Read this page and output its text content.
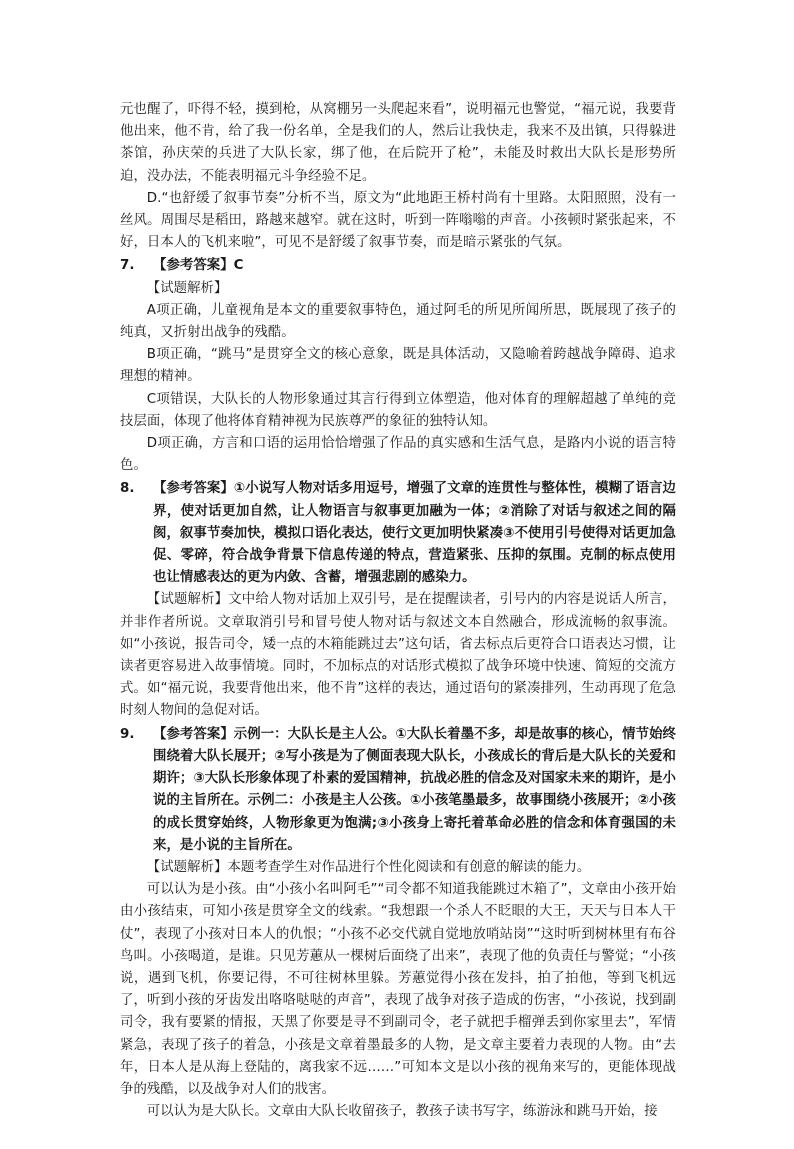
元也醒了，吓得不轻，摸到枪，从窝棚另一头爬起来看”，说明福元也警觉，“福元说，我要背他出来，他不肯，给了我一份名单，全是我们的人，然后让我快走，我来不及出镇，只得躲进茶馆，孙庆荣的兵进了大队长家，绑了他，在后院开了枪”，未能及时救出大队长是形势所迫，没办法，不能表明福元斗争经验不足。

D.“也舒缓了叙事节奏”分析不当，原文为“此地距王桥村尚有十里路。太阳照照，没有一丝风。周围尽是稻田，路越来越窄。就在这时，听到一阵嗡嗡的声音。小孩顿时紧张起来，不好，日本人的飞机来啦”，可见不是舒缓了叙事节奏，而是暗示紧张的气氛。

7. 【参考答案】C

【试题解析】

A项正确，儿童视角是本文的重要叙事特色，通过阿毛的所见所闻所思，既展现了孩子的纯真，又折射出战争的残酷。

B项正确，“跳马”是贯穿全文的核心意象，既是具体活动，又隐喻着跨越战争障碍、追求理想的精神。

C项错误，大队长的人物形象通过其言行得到立体塑造，他对体育的理解超越了单纯的竞技层面，体现了他将体育精神视为民族尊严的象征的独特认知。

D项正确，方言和口语的运用恰恰增强了作品的真实感和生活气息，是路内小说的语言特色。

8.	【参考答案】①小说写人物对话多用逗号，增强了文章的连贯性与整体性，模糊了语言边界，使对话更加自然，让人物语言与叙事更加融为一体；②消除了对话与叙述之间的隔阂，叙事节奏加快，模拟口语化表达，使行文更加明快紧凑③不使用引号使得对话更加急促、零碎，符合战争背景下信息传递的特点，营造紧张、压抑的氛围。克制的标点使用也让情感表达的更为内敛、含蓄，增强悲剧的感染力。

【试题解析】文中给人物对话加上双引号，是在提醒读者，引号内的内容是说话人所言，并非作者所说。文章取消引号和冒号使人物对话与叙述文本自然融合，形成流畅的叙事流。如“小孩说，报告司令，矮一点的木箱能跳过去”这句话，省去标点后更符合口语表达习惯，让读者更容易进入故事情境。同时，不加标点的对话形式模拟了战争环境中快速、简短的交流方式。如“福元说，我要背他出来，他不肯”这样的表达，通过语句的紧凑排列，生动再现了危急时刻人物间的急促对话。

9.	【参考答案】示例一：大队长是主人公。①大队长着墨不多，却是故事的核心，情节始终围绕着大队长展开；②写小孩是为了侧面表现大队长，小孩成长的背后是大队长的关爱和期许；③大队长形象体现了朴素的爱国精神，抗战必胜的信念及对国家未来的期许，是小说的主旨所在。示例二：小孩是主人公孩。①小孩笔墨最多，故事围绕小孩展开；②小孩的成长贯穿始终，人物形象更为饱满;③小孩身上寄托着革命必胜的信念和体育强国的未来，是小说的主旨所在。

【试题解析】本题考查学生对作品进行个性化阅读和有创意的解读的能力。

可以认为是小孩。由“小孩小名叫阿毛”“司令都不知道我能跳过木箱了”，文章由小孩开始由小孩结束，可知小孩是贯穿全文的线索。“我想跟一个杀人不眨眼的大王，天天与日本人干仗”，表现了小孩对日本人的仇恨；“小孩不必交代就自觉地放哨站岗”“这时听到树林里有布谷鸟叫。小孩喝道，是谁。只见芳蕙从一棵树后面绕了出来”，表现了他的负责任与警觉；“小孩说，遇到飞机，你要记得，不可往树林里躲。芳蕙觉得小孩在发抖，拍了拍他，等到飞机远了，听到小孩的牙齿发出咯咯哒哒的声音”，表现了战争对孩子造成的伤害，“小孩说，找到副司令，我有要紧的情报，天黑了你要是寻不到副司令，老子就把手榴弹丢到你家里去”，军情紧急，表现了孩子的着急，小孩是文章着墨最多的人物，是文章主要着力表现的人物。由“去年，日本人是从海上登陆的，离我家不远……”可知本文是以小孩的视角来写的，更能体现战争的残酷，以及战争对人们的戕害。

可以认为是大队长。文章由大队长收留孩子，教孩子读书写字，练游泳和跳马开始，接
